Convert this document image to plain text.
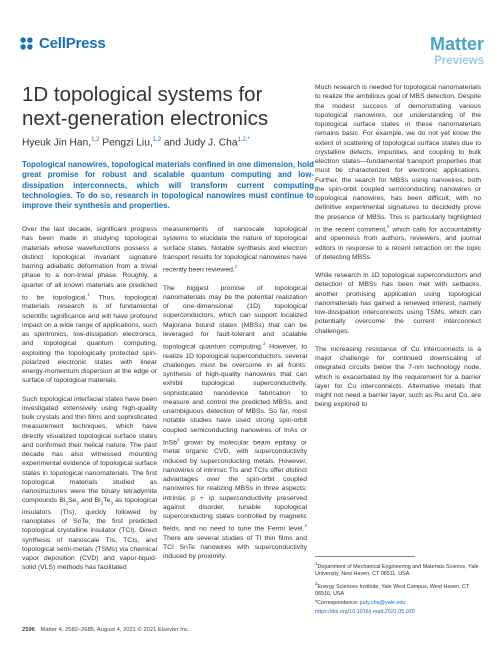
CellPress	Matter
Previews
1D topological systems for next-generation electronics
Hyeuk Jin Han,$^{1,2}$ Pengzi Liu,$^{1,2}$ and Judy J. Cha$^{1,2,*}$
Topological nanowires, topological materials confined in one dimension, hold great promise for robust and scalable quantum computing and low-dissipation interconnects, which will transform current computing technologies. To do so, research in topological nanowires must continue to improve their synthesis and properties.

Over the last decade, significant progress has been made in studying topological materials whose wavefunctions possess a distinct topological invariant signature barring adiabatic deformation from a trivial phase to a non-trivial phase. Roughly, a quarter of all known materials are predicted to be topological.$^1$ Thus, topological materials research is of fundamental scientific significance and will have profound impact on a wide range of applications, such as spintronics, low-dissipation electronics, and topological quantum computing, exploiting the topologically protected spin-polarized electronic states with linear energy-momentum dispersion at the edge or surface of topological materials.

Such topological interfacial states have been investigated extensively using high-quality bulk crystals and thin films and sophisticated measurement techniques, which have directly visualized topological surface states and confirmed their helical nature. The past decade has also witnessed mounting experimental evidence of topological surface states in topological nanomaterials. The first topological materials studied as nanostructures were the binary tetradymite compounds $Bi_2Se_3$ and $Bi_2Te_3$ as topological insulators (TIs), quickly followed by nanoplates of SnTe, the first predicted topological crystalline insulator (TCI). Direct synthesis of nanoscale TIs, TCIs, and topological semi-metals (TSMs) via chemical vapor deposition (CVD) and vapor-liquid-solid (VLS) methods has facilitated

measurements of nanoscale topological systems to elucidate the nature of topological surface states. Notable synthesis and electron transport results for topological nanowires have recently been reviewed.$^2$

The biggest promise of topological nanomaterials may be the potential realization of one-dimensional (1D) topological superconductors, which can support localized Majorana bound states (MBSs) that can be leveraged for fault-tolerant and scalable topological quantum computing.$^3$ However, to realize 1D topological superconductors, several challenges must be overcome in all fronts: synthesis of high-quality nanowires that can exhibit topological superconductivity, sophisticated nanodevice fabrication to measure and control the predicted MBSs, and unambiguous detection of MBSs. So far, most notable studies have used strong spin-orbit coupled semiconducting nanowires of InAs or InSb$^4$ grown by molecular beam epitaxy or metal organic CVD, with superconductivity induced by superconducting metals. However, nanowires of intrinsic TIs and TCIs offer distinct advantages over the spin-orbit coupled nanowires for realizing MBSs in three aspects: intrinsic p + ip superconductivity preserved against disorder, tunable topological superconducting states controlled by magnetic fields, and no need to tune the Fermi level.$^2$ There are several studies of TI thin films and TCI SnTe nanowires with superconductivity induced by proximity.

Much research is needed for topological nanomaterials to realize the ambitious goal of MBS detection. Despite the modest success of demonstrating various topological nanowires, our understanding of the topological surface states in these nanomaterials remains basic. For example, we do not yet know the extent of scattering of topological surface states due to crystalline defects, impurities, and coupling to bulk electron states—fundamental transport properties that must be characterized for electronic applications. Further, the search for MBSs using nanowires, both the spin-orbit coupled semiconducting nanowires or topological nanowires, has been difficult, with no definitive experimental signatures to decidedly prove the presence of MBSs. This is particularly highlighted in the recent comment,$^5$ which calls for accountability and openness from authors, reviewers, and journal editors in response to a recent retraction on the topic of detecting MBSs.

While research in 1D topological superconductors and detection of MBSs has been met with setbacks, another promising application using topological nanomaterials has gained a renewed interest, namely low-dissipation interconnects using TSMs, which can potentially overcome the current interconnect challenges.

The increasing resistance of Cu interconnects is a major challenge for continued downscaling of integrated circuits below the 7-nm technology node, which is exacerbated by the requirement for a barrier layer for Cu interconnects. Alternative metals that might not need a barrier layer, such as Ru and Co, are being explored to

$^1$Department of Mechanical Engineering and Materials Science, Yale University, New Haven, CT 06511, USA

$^2$Energy Sciences Institute, Yale West Campus, West Haven, CT 06516, USA

*Correspondence: judy.cha@yale.edu

https://doi.org/10.1016/j.matt.2021.05.020

2596 Matter 4, 2582–2685, August 4, 2021 © 2021 Elsevier Inc.
